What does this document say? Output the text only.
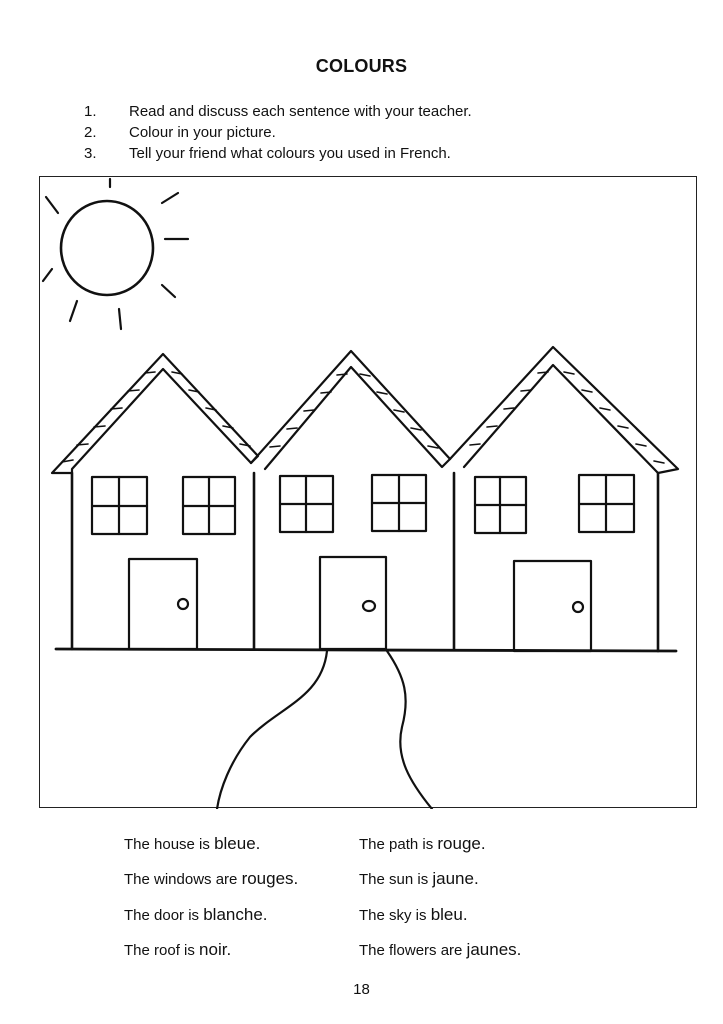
COLOURS
1.	Read and discuss each sentence with your teacher.
2.	Colour in your picture.
3.	Tell your friend what colours you used in French.
The house is bleue.	The path is rouge.
The windows are rouges.	The sun is jaune.
The door is blanche.	The sky is bleu.
The roof is noir.	The flowers are jaunes.
18
